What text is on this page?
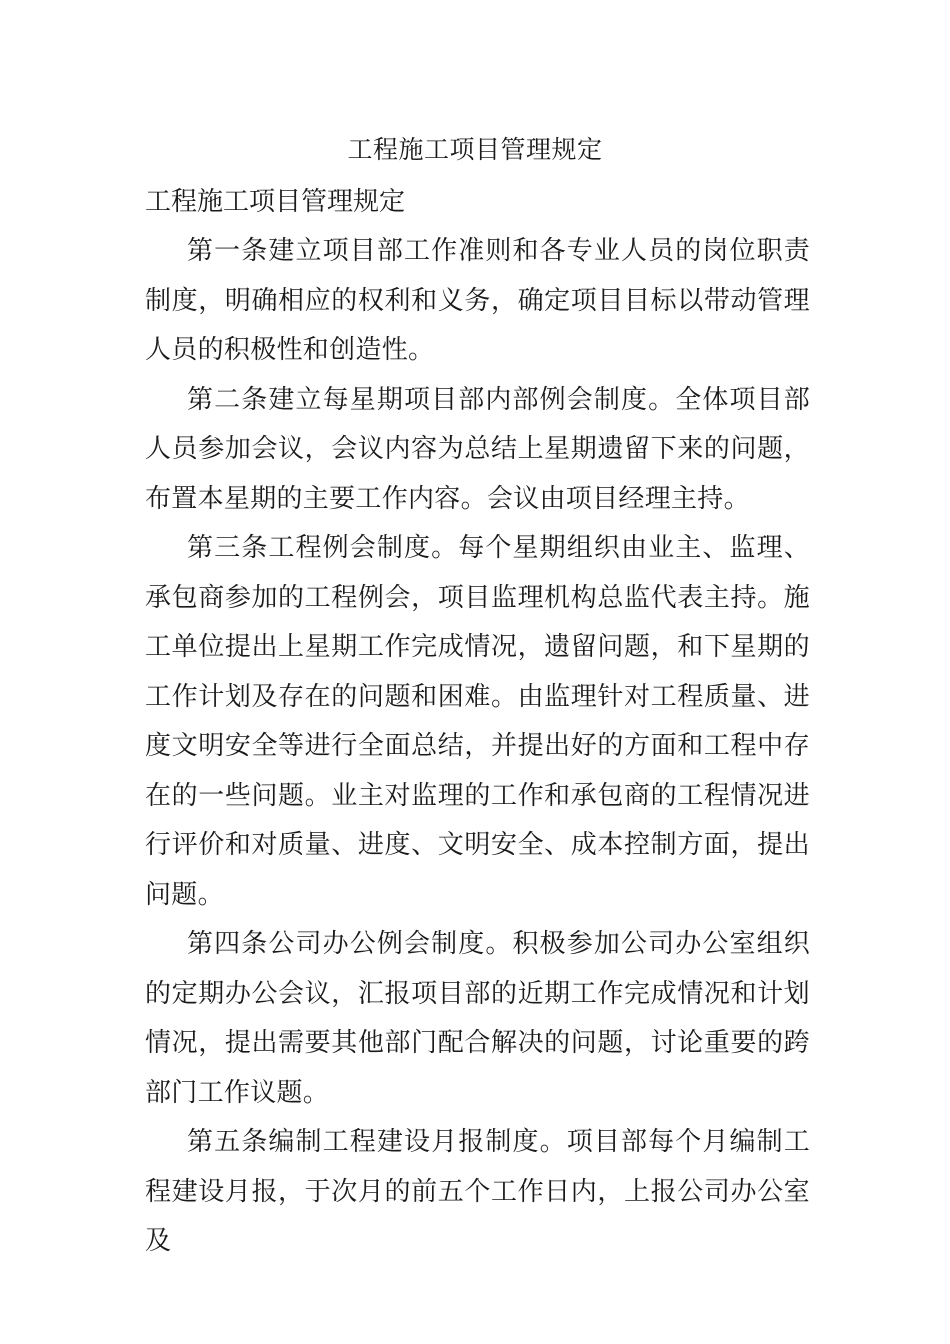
工程施工项目管理规定

工程施工项目管理规定

第一条建立项目部工作准则和各专业人员的岗位职责制度，明确相应的权利和义务，确定项目目标以带动管理人员的积极性和创造性。

第二条建立每星期项目部内部例会制度。全体项目部人员参加会议，会议内容为总结上星期遗留下来的问题，布置本星期的主要工作内容。会议由项目经理主持。

第三条工程例会制度。每个星期组织由业主、监理、承包商参加的工程例会，项目监理机构总监代表主持。施工单位提出上星期工作完成情况，遗留问题，和下星期的工作计划及存在的问题和困难。由监理针对工程质量、进度文明安全等进行全面总结，并提出好的方面和工程中存在的一些问题。业主对监理的工作和承包商的工程情况进行评价和对质量、进度、文明安全、成本控制方面，提出问题。

第四条公司办公例会制度。积极参加公司办公室组织的定期办公会议，汇报项目部的近期工作完成情况和计划情况，提出需要其他部门配合解决的问题，讨论重要的跨部门工作议题。

第五条编制工程建设月报制度。项目部每个月编制工程建设月报，于次月的前五个工作日内，上报公司办公室及
